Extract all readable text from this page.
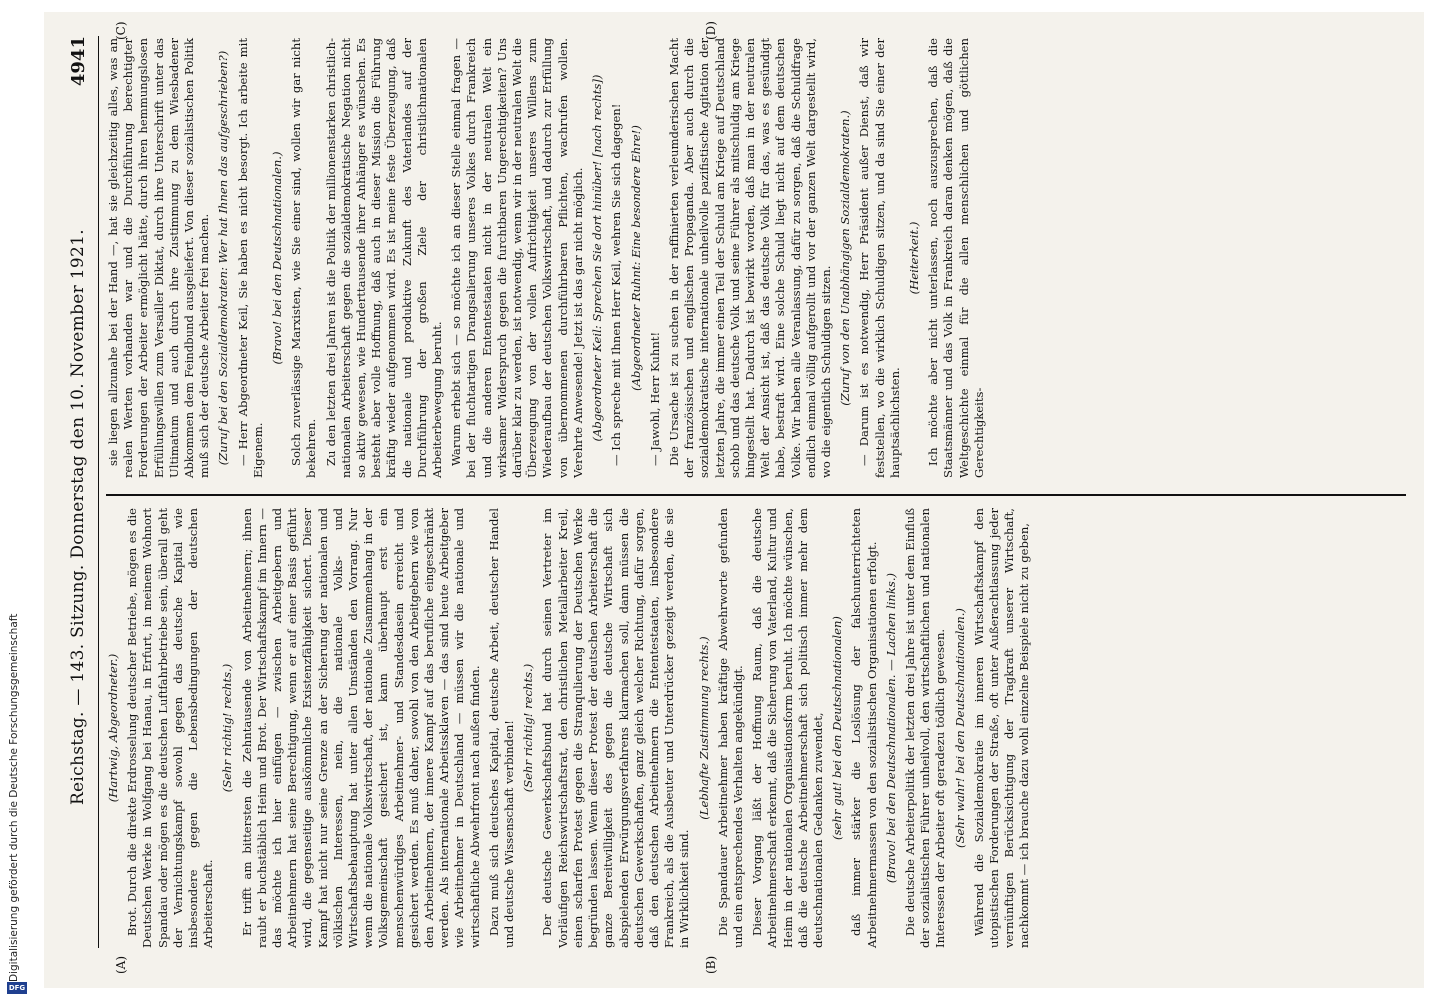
Digitalisierung gefördert durch die Deutsche Forschungsgemeinschaft
DFG
Reichstag. — 143. Sitzung. Donnerstag den 10. November 1921.
4941
(A)	(B)
(C)	(D)

(Hartwig, Abgeordneter.) Brot. Durch die direkte Erdrosselung deutscher Betriebe, mögen es die Deutschen Werke in Wolfgang bei Hanau, in Erfurt, in meinem Wohnort Spandau oder mögen es die deutschen Luftfahrbetriebe sein, überall geht der Vernichtungskampf sowohl gegen das deutsche Kapital wie insbesondere gegen die Lebensbedingungen der deutschen Arbeiterschaft.

(Sehr richtig! rechts.) Er trifft am bittersten die Zehntausende von Arbeitnehmern; ihnen raubt er buchstäblich Heim und Brot. Der Wirtschaftskampf im Innern — das möchte ich hier einfügen — zwischen Arbeitgebern und Arbeitnehmern hat seine Berechtigung, wenn er auf einer Basis geführt wird, die gegenseitige auskömmliche Existenzfähigkeit sichert. Dieser Kampf hat nicht nur seine Grenze an der Sicherung der nationalen und völkischen Interessen, nein, die nationale Volks- und Wirtschaftsbehauptung hat unter allen Umständen den Vorrang. Nur wenn die nationale Volkswirtschaft, der nationale Zusammenhang in der Volksgemeinschaft gesichert ist, kann überhaupt erst ein menschenwürdiges Arbeitnehmer- und Standesdasein erreicht und gesichert werden. Es muß daher, sowohl von den Arbeitgebern wie von den Arbeitnehmern, der innere Kampf auf das berufliche eingeschränkt werden. Als internationale Arbeitssklaven — das sind heute Arbeitgeber wie Arbeitnehmer in Deutschland — müssen wir die nationale und wirtschaftliche Abwehrfront nach außen finden. Dazu muß sich deutsches Kapital, deutsche Arbeit, deutscher Handel und deutsche Wissenschaft verbinden! (Sehr richtig! rechts.) Der deutsche Gewerkschaftsbund hat durch seinen Vertreter im Vorläufigen Reichswirtschaftsrat, den christlichen Metallarbeiter Kreil, einen scharfen Protest gegen die Stranqulierung der Deutschen Werke begründen lassen. Wenn dieser Protest der deutschen Arbeiterschaft die ganze Bereitwilligkeit des gegen die deutsche Wirtschaft sich abspielenden Erwürgungsverfahrens klarmachen soll, dann müssen die deutschen Gewerkschaften, ganz gleich welcher Richtung, dafür sorgen, daß den deutschen Arbeitnehmern die Ententestaaten, insbesondere Frankreich, als die Ausbeuter und Unterdrücker gezeigt werden, die sie in Wirklichkeit sind.

(Lebhafte Zustimmung rechts.) Die Spandauer Arbeitnehmer haben kräftige Abwehrworte gefunden und ein entsprechendes Verhalten angekündigt. Dieser Vorgang läßt der Hoffnung Raum, daß die deutsche Arbeitnehmerschaft erkennt, daß die Sicherung von Vaterland, Kultur und Heim in der nationalen Organisationsform beruht. Ich möchte wünschen, daß die deutsche Arbeitnehmerschaft sich politisch immer mehr dem deutschnationalen Gedanken zuwendet, (sehr gut! bei den Deutschnationalen) daß immer stärker die Loslösung der falschunterrichteten Arbeitnehmermassen von den sozialistischen Organisationen erfolgt. (Bravo! bei den Deutschnationalen. — Lachen links.) Die deutsche Arbeiterpolitik der letzten drei Jahre ist unter dem Einfluß der sozialistischen Führer unheilvoll, den wirtschaftlichen und nationalen Interessen der Arbeiter oft geradezu tödlich gewesen. (Sehr wahr! bei den Deutschnationalen.) Während die Sozialdemokratie im inneren Wirtschaftskampf den utopistischen Forderungen der Straße, oft unter Außerachtlassung jeder vernünftigen Berücksichtigung der Tragkraft unserer Wirtschaft, nachkommt — ich brauche dazu wohl einzelne Beispiele nicht zu geben,

sie liegen allzunahe bei der Hand —, hat sie gleichzeitig alles, was an realen Werten vorhanden war und die Durchführung berechtigter Forderungen der Arbeiter ermöglicht hätte, durch ihren hemmungslosen Erfüllungswillen zum Versailler Diktat, durch ihre Unterschrift unter das Ultimatum und auch durch ihre Zustimmung zu dem Wiesbadener Abkommen dem Feindbund ausgeliefert. Von dieser sozialistischen Politik muß sich der deutsche Arbeiter frei machen. (Zuruf bei den Sozialdemokraten: Wer hat Ihnen das aufgeschrieben?) — Herr Abgeordneter Keil, Sie haben es nicht besorgt. Ich arbeite mit Eigenem.

(Bravo! bei den Deutschnationalen.) Solch zuverlässige Marxisten, wie Sie einer sind, wollen wir gar nicht bekehren. Zu den letzten drei Jahren ist die Politik der millionenstarken christlich-nationalen Arbeiterschaft gegen die sozialdemokratische Negation nicht so aktiv gewesen, wie Hunderttausende ihrer Anhänger es wünschen. Es besteht aber volle Hoffnung, daß auch in dieser Mission die Führung kräftig wieder aufgenommen wird. Es ist meine feste Überzeugung, daß die nationale und produktive Zukunft des Vaterlandes auf der Durchführung der großen Ziele der christlichnationalen Arbeiterbewegung beruht. Warum erhebt sich — so möchte ich an dieser Stelle einmal fragen — bei der fluchtartigen Drangsalierung unseres Volkes durch Frankreich und die anderen Ententestaaten nicht in der neutralen Welt ein wirksamer Widerspruch gegen die furchtbaren Ungerechtigkeiten? Uns darüber klar zu werden, ist notwendig, wenn wir in der neutralen Welt die Überzeugung von der vollen Aufrichtigkeit unseres Willens zum Wiederaufbau der deutschen Volkswirtschaft, und dadurch zur Erfüllung von übernommenen durchführbaren Pflichten, wachrufen wollen. Verehrte Anwesende! Jetzt ist das gar nicht möglich. (Abgeordneter Keil: Sprechen Sie dort hinüber! [nach rechts]) — Ich spreche mit Ihnen Herr Keil, wehren Sie sich dagegen! (Abgeordneter Ruhnt: Eine besondere Ehre!)

— Jawohl, Herr Kuhnt! Die Ursache ist zu suchen in der raffinierten verleumderischen Macht der französischen und englischen Propaganda. Aber auch durch die sozialdemokratische internationale unheilvolle pazifistische Agitation der letzten Jahre, die immer einen Teil der Schuld am Kriege auf Deutschland schob und das deutsche Volk und seine Führer als mitschuldig am Kriege hingestellt hat. Dadurch ist bewirkt worden, daß man in der neutralen Welt der Ansicht ist, daß das deutsche Volk für das, was es gesündigt habe, bestraft wird. Eine solche Schuld liegt nicht auf dem deutschen Volke. Wir haben alle Veranlassung, dafür zu sorgen, daß die Schuldfrage endlich einmal völlig aufgerollt und vor der ganzen Welt dargestellt wird, wo die eigentlich Schuldigen sitzen. (Zuruf von den Unabhängigen Sozialdemokraten.) — Darum ist es notwendig, Herr Präsident außer Dienst, daß wir feststellen, wo die wirklich Schuldigen sitzen, und da sind Sie einer der hauptsächlichsten.

(Heiterkeit.) Ich möchte aber nicht unterlassen, noch auszusprechen, daß die Staatsmänner und das Volk in Frankreich daran denken mögen, daß die Weltgeschichte einmal für die allen menschlichen und göttlichen Gerechtigkeits-
